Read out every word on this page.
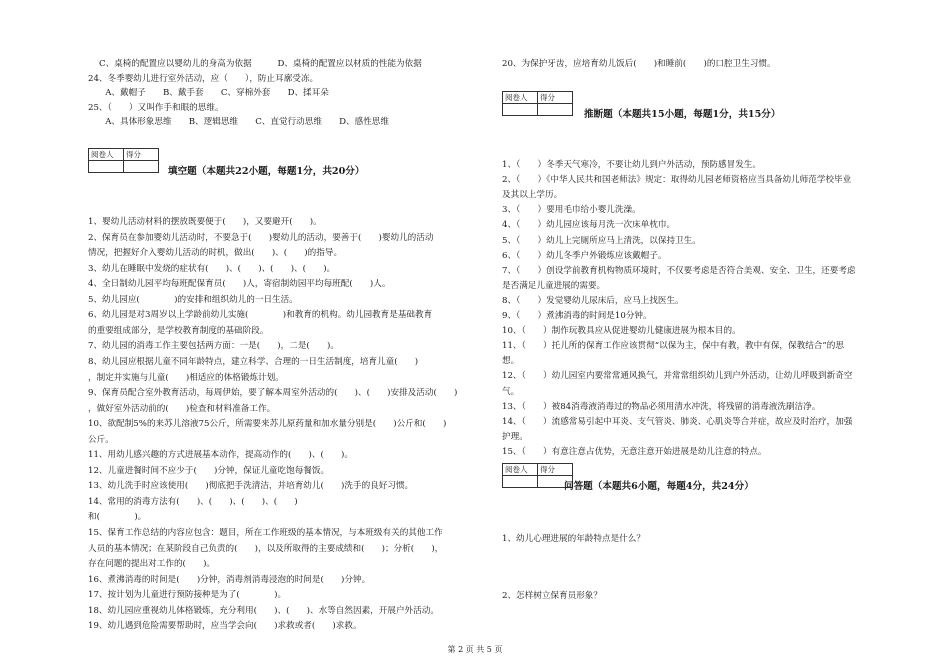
C、桌椅的配置应以婴幼儿的身高为依据　　　D、桌椅的配置应以材质的性能为依据
24、冬季婴幼儿进行室外活动，应（　　），防止耳廓受冻。
　　A、戴帽子　　B、戴手套　　C、穿棉外套　　D、揉耳朵
25、（　　）又叫作手和眼的思维。
　　A、具体形象思维　　B、逻辑思维　　C、直觉行动思维　　D、感性思维
阅卷人	得分

填空题（本题共22小题，每题1分，共20分）
1、婴幼儿活动材料的摆放既要便于(　　)，又要避开(　　)。
2、保育员在参加婴幼儿活动时，不要急于(　　)婴幼儿的活动，要善于(　　)婴幼儿的活动
情况，把握好介入婴幼儿活动的时机，做出(　　)、(　　)的指导。
3、幼儿在睡眠中发烧的症状有(　　)、(　　)、(　　)、(　　)。
4、全日制幼儿园平均每班配保育员(　　)人，寄宿制幼园平均每班配(　　)人。
5、幼儿园应(　　　　)的安排和组织幼儿的一日生活。
6、幼儿园是对3周岁以上学龄前幼儿实施(　　　　)和教育的机构。幼儿园教育是基础教育
的重要组成部分，是学校教育制度的基础阶段。
7、幼儿园的消毒工作主要包括两方面：一是(　　)，二是(　　)。
8、幼儿园应根据儿童不同年龄特点，建立科学、合理的一日生活制度，培育儿童(　　)
，制定并实施与儿童(　　)相适应的体格锻炼计划。
9、保育员配合室外教育活动，每周伊始，要了解本周室外活动的(　　)、(　　)安排及活动(　　)
，做好室外活动前的(　　)检查和材料准备工作。
10、欲配制5%的来苏儿溶液75公斤，所需要来苏儿原药量和加水量分别是(　　)公斤和(　　)
公斤。
11、用幼儿感兴趣的方式进展基本动作，提高动作的(　　)、(　　)。
12、儿童进餐时间不应少于(　　)分钟，保证儿童吃饱每餐饭。
13、幼儿洗手时应该使用(　　)彻底把手洗清洁，并培育幼儿(　　)洗手的良好习惯。
14、常用的消毒方法有(　　)、(　　)、(　　)、(　　)
和(　　　　)。
15、保育工作总结的内容应包含：题目，所在工作班级的基本情况，与本班级有关的其他工作
人员的基本情况；在某阶段自己负责的(　　)，以及所取得的主要成绩和(　　)；分析(　　)，
存在问题的提出对工作的(　　)。
16、煮沸消毒的时间是(　　)分钟，消毒剂消毒浸泡的时间是(　　)分钟。
17、按计划为儿童进行预防接种是为了(　　　　)。
18、幼儿园应重视幼儿体格锻炼，充分利用(　　)、(　　)、水等自然因素，开展户外活动。
19、幼儿遇到危险需要帮助时，应当学会向(　　)求救或者(　　)求救。
20、为保护牙齿，应培育幼儿饭后(　　)和睡前(　　)的口腔卫生习惯。
阅卷人	得分

推断题（本题共15小题，每题1分，共15分）
1、（　　）冬季天气寒冷，不要让幼儿到户外活动，预防感冒发生。
2、（　　）《中华人民共和国老师法》规定：取得幼儿园老师资格应当具备幼儿师范学校毕业
及其以上学历。
3、（　　）要用毛巾给小婴儿洗澡。
4、（　　）幼儿园应该每月洗一次床单枕巾。
5、（　　）幼儿上完厕所应马上清洗，以保持卫生。
6、（　　）幼儿冬季户外锻炼应该戴帽子。
7、（　　）创设学前教育机构物质环境时，不仅要考虑是否符合美观、安全、卫生，还要考虑
是否满足儿童进展的需要。
8、（　　）发觉婴幼儿尿床后，应马上找医生。
9、（　　）煮沸消毒的时间是10分钟。
10、（　　）制作玩教具应从促进婴幼儿健康进展为根本目的。
11、（　　）托儿所的保育工作应该贯彻“以保为主，保中有教，教中有保，保教结合”的思
想。
12、（　　）幼儿园室内要常常通风换气，并常常组织幼儿到户外活动，让幼儿呼吸到新奇空
气。
13、（　　）被84消毒液消毒过的物品必须用清水冲洗，将残留的消毒液洗刷洁净。
14、（　　）流感常易引起中耳炎、支气管炎、肺炎、心肌炎等合并症，故应及时治疗，加强
护理。
15、（　　）有意注意占优势，无意注意开始进展是幼儿注意的特点。
阅卷人	得分

问答题（本题共6小题，每题4分，共24分）
1、幼儿心理进展的年龄特点是什么？
2、怎样树立保育员形象？
第 2 页 共 5 页
